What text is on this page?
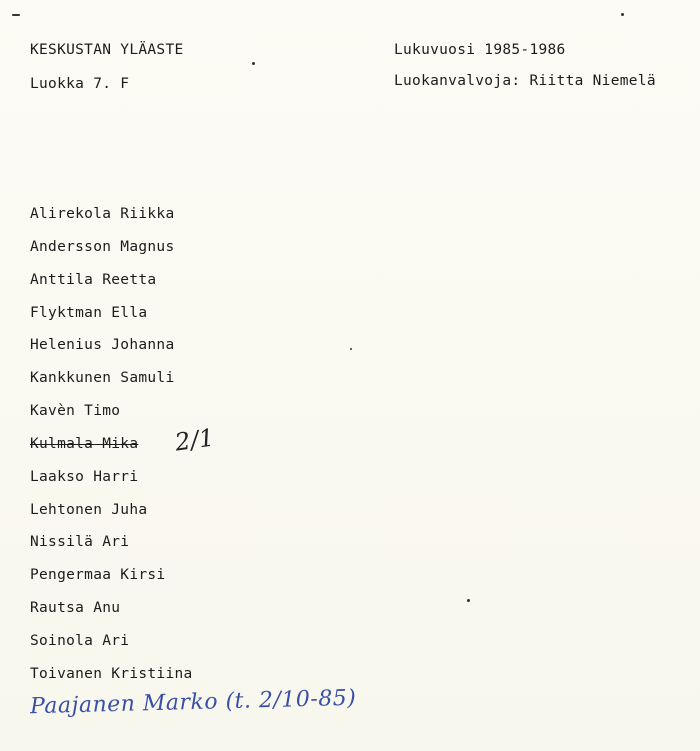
KESKUSTAN YLÄASTE
Luokka 7. F
Lukuvuosi 1985-1986
Luokanvalvoja: Riitta Niemelä
Alirekola Riikka
Andersson Magnus
Anttila Reetta
Flyktman Ella
Helenius Johanna
Kankkunen Samuli
Kavèn Timo
Kulmala Mika 2/1
Laakso Harri
Lehtonen Juha
Nissilä Ari
Pengermaa Kirsi
Rautsa Anu
Soinola Ari
Toivanen Kristiina
Paajanen Marko (t. 2/10-85)
